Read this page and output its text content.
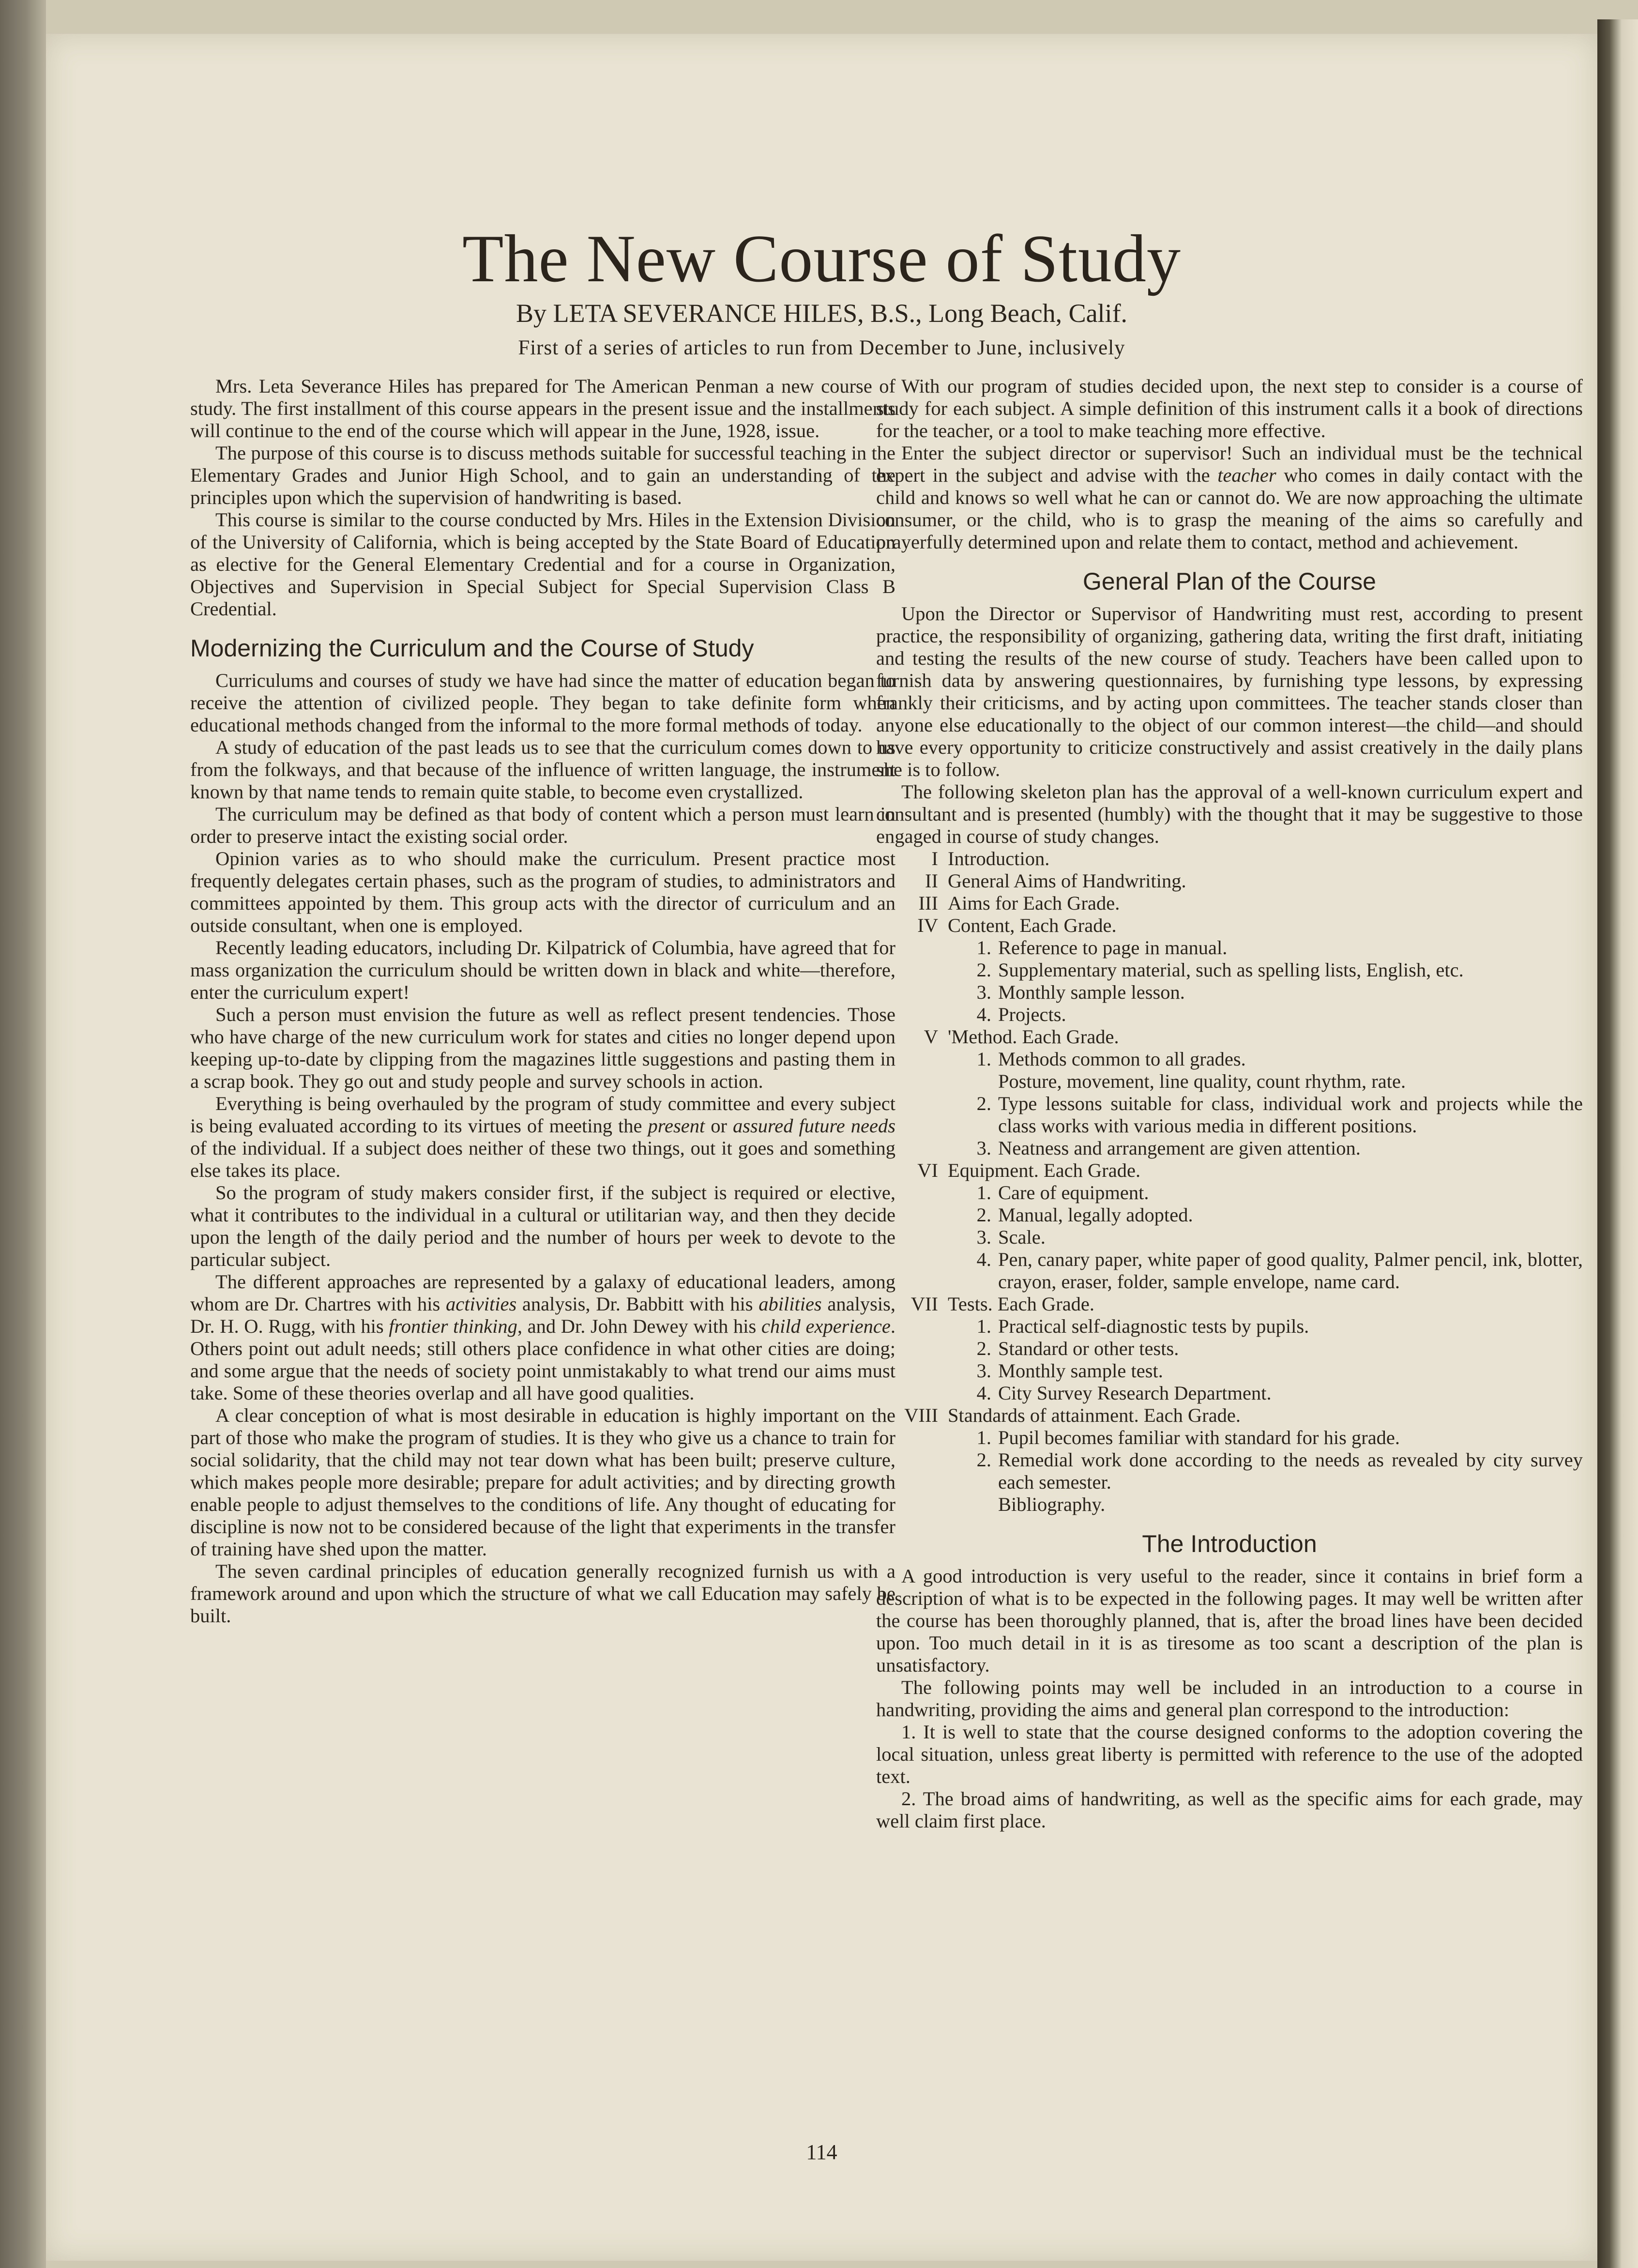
The New Course of Study
By LETA SEVERANCE HILES, B.S., Long Beach, Calif.
First of a series of articles to run from December to June, inclusively

Mrs. Leta Severance Hiles has prepared for The American Penman a new course of study. The first installment of this course appears in the present issue and the installments will continue to the end of the course which will appear in the June, 1928, issue.

The purpose of this course is to discuss methods suitable for successful teaching in the Elementary Grades and Junior High School, and to gain an understanding of the principles upon which the supervision of handwriting is based.

This course is similar to the course conducted by Mrs. Hiles in the Extension Division of the University of California, which is being accepted by the State Board of Education as elective for the General Elementary Credential and for a course in Organization, Objectives and Supervision in Special Subject for Special Supervision Class B Credential.

Modernizing the Curriculum and the Course of Study

Curriculums and courses of study we have had since the matter of education began to receive the attention of civilized people. They began to take definite form when educational methods changed from the informal to the more formal methods of today.

A study of education of the past leads us to see that the curriculum comes down to us from the folkways, and that because of the influence of written language, the instrument known by that name tends to remain quite stable, to become even crystallized.

The curriculum may be defined as that body of content which a person must learn in order to preserve intact the existing social order.

Opinion varies as to who should make the curriculum. Present practice most frequently delegates certain phases, such as the program of studies, to administrators and committees appointed by them. This group acts with the director of curriculum and an outside consultant, when one is employed.

Recently leading educators, including Dr. Kilpatrick of Columbia, have agreed that for mass organization the curriculum should be written down in black and white—therefore, enter the curriculum expert!

Such a person must envision the future as well as reflect present tendencies. Those who have charge of the new curriculum work for states and cities no longer depend upon keeping up-to-date by clipping from the magazines little suggestions and pasting them in a scrap book. They go out and study people and survey schools in action.

Everything is being overhauled by the program of study committee and every subject is being evaluated according to its virtues of meeting the present or assured future needs of the individual. If a subject does neither of these two things, out it goes and something else takes its place.

So the program of study makers consider first, if the subject is required or elective, what it contributes to the individual in a cultural or utilitarian way, and then they decide upon the length of the daily period and the number of hours per week to devote to the particular subject.

The different approaches are represented by a galaxy of educational leaders, among whom are Dr. Chartres with his activities analysis, Dr. Babbitt with his abilities analysis, Dr. H. O. Rugg, with his frontier thinking, and Dr. John Dewey with his child experience. Others point out adult needs; still others place confidence in what other cities are doing; and some argue that the needs of society point unmistakably to what trend our aims must take. Some of these theories overlap and all have good qualities.

A clear conception of what is most desirable in education is highly important on the part of those who make the program of studies. It is they who give us a chance to train for social solidarity, that the child may not tear down what has been built; preserve culture, which makes people more desirable; prepare for adult activities; and by directing growth enable people to adjust themselves to the conditions of life. Any thought of educating for discipline is now not to be considered because of the light that experiments in the transfer of training have shed upon the matter.

The seven cardinal principles of education generally recognized furnish us with a framework around and upon which the structure of what we call Education may safely be built.

With our program of studies decided upon, the next step to consider is a course of study for each subject. A simple definition of this instrument calls it a book of directions for the teacher, or a tool to make teaching more effective.

Enter the subject director or supervisor! Such an individual must be the technical expert in the subject and advise with the teacher who comes in daily contact with the child and knows so well what he can or cannot do. We are now approaching the ultimate consumer, or the child, who is to grasp the meaning of the aims so carefully and prayerfully determined upon and relate them to contact, method and achievement.

General Plan of the Course

Upon the Director or Supervisor of Handwriting must rest, according to present practice, the responsibility of organizing, gathering data, writing the first draft, initiating and testing the results of the new course of study. Teachers have been called upon to furnish data by answering questionnaires, by furnishing type lessons, by expressing frankly their criticisms, and by acting upon committees. The teacher stands closer than anyone else educationally to the object of our common interest—the child—and should have every opportunity to criticize constructively and assist creatively in the daily plans she is to follow.

The following skeleton plan has the approval of a well-known curriculum expert and consultant and is presented (humbly) with the thought that it may be suggestive to those engaged in course of study changes.

I Introduction.
II General Aims of Handwriting.
III Aims for Each Grade.
IV Content, Each Grade.
1. Reference to page in manual.
2. Supplementary material, such as spelling lists, English, etc.
3. Monthly sample lesson.
4. Projects.
V 'Method. Each Grade.
1. Methods common to all grades.
Posture, movement, line quality, count rhythm, rate.
2. Type lessons suitable for class, individual work and projects while the class works with various media in different positions.
3. Neatness and arrangement are given attention.
VI Equipment. Each Grade.
1. Care of equipment.
2. Manual, legally adopted.
3. Scale.
4. Pen, canary paper, white paper of good quality, Palmer pencil, ink, blotter, crayon, eraser, folder, sample envelope, name card.
VII Tests. Each Grade.
1. Practical self-diagnostic tests by pupils.
2. Standard or other tests.
3. Monthly sample test.
4. City Survey Research Department.
VIII Standards of attainment. Each Grade.
1. Pupil becomes familiar with standard for his grade.
2. Remedial work done according to the needs as revealed by city survey each semester.
Bibliography.
The Introduction

A good introduction is very useful to the reader, since it contains in brief form a description of what is to be expected in the following pages. It may well be written after the course has been thoroughly planned, that is, after the broad lines have been decided upon. Too much detail in it is as tiresome as too scant a description of the plan is unsatisfactory.

The following points may well be included in an introduction to a course in handwriting, providing the aims and general plan correspond to the introduction:

1. It is well to state that the course designed conforms to the adoption covering the local situation, unless great liberty is permitted with reference to the use of the adopted text.

2. The broad aims of handwriting, as well as the specific aims for each grade, may well claim first place.

114
